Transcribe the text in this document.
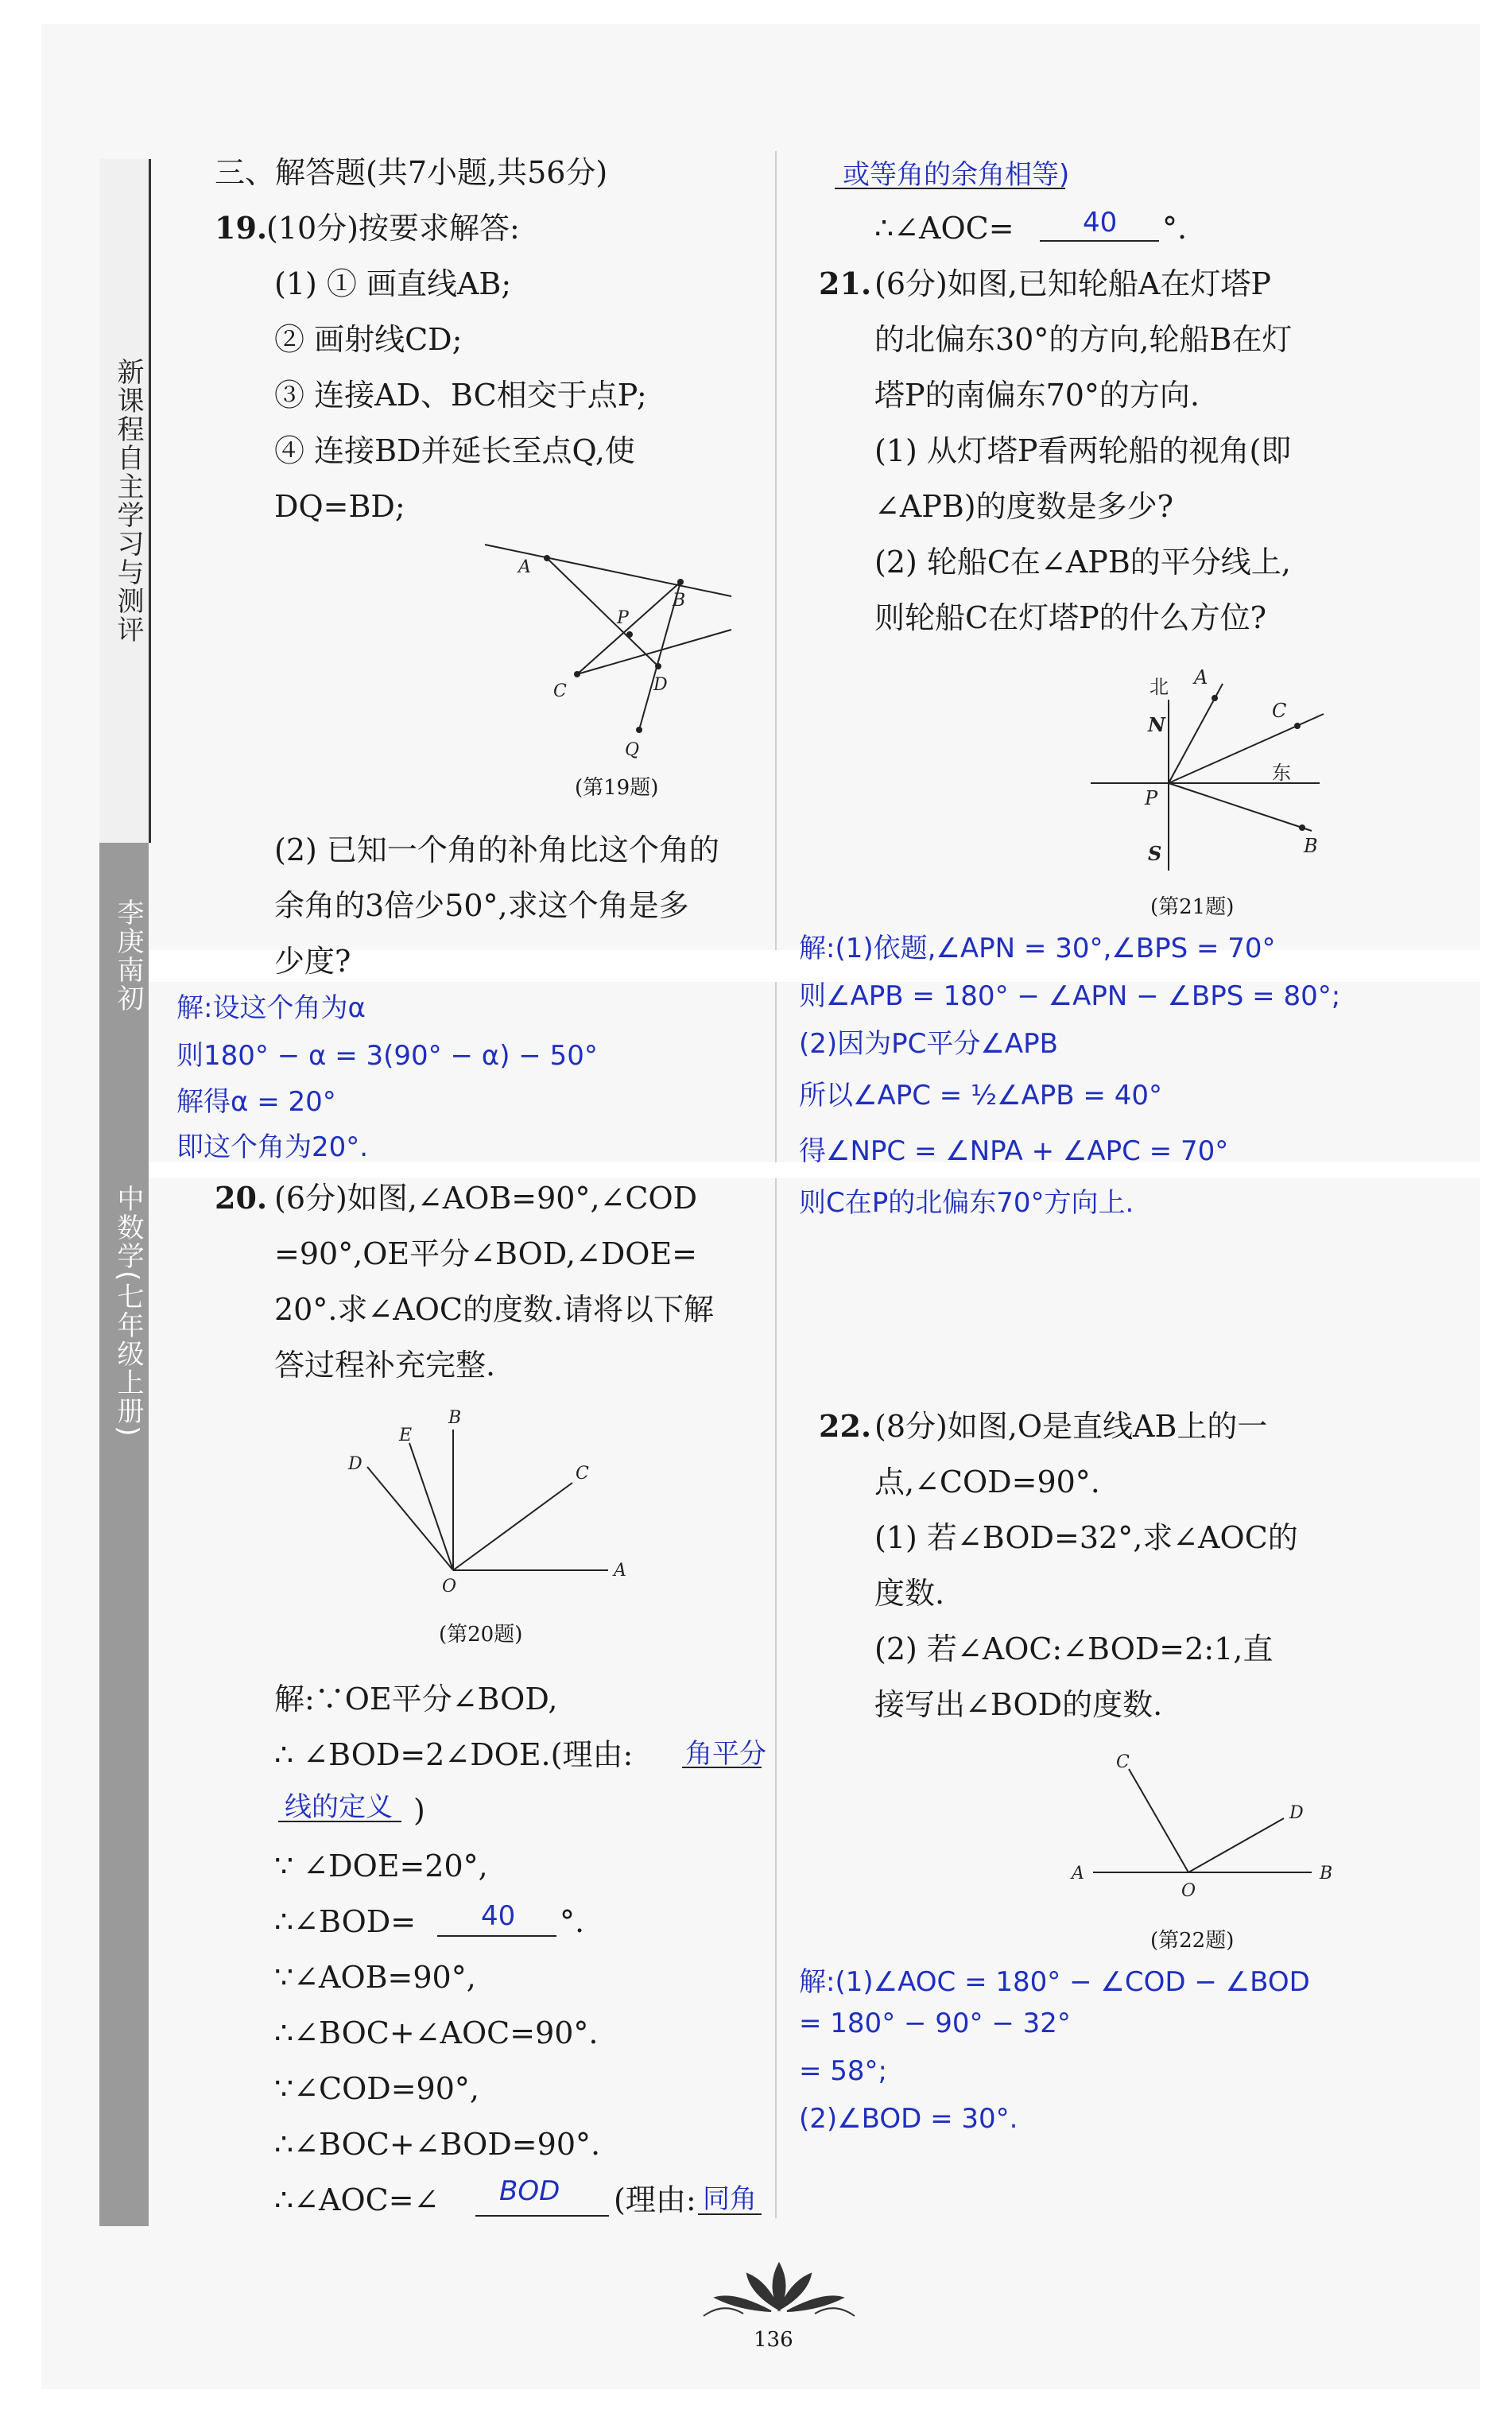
新课程自主学习与测评
李庚南初
中数学(七年级上册)
三、解答题(共7小题,共56分)
19.
(10分)按要求解答:
(1) ① 画直线AB;
② 画射线CD;
③ 连接AD、BC相交于点P;
④ 连接BD并延长至点Q,使
DQ=BD;
A
B
P
C	D
Q
(第19题)
(2) 已知一个角的补角比这个角的
余角的3倍少50°,求这个角是多
少度?
解:设这个角为α
则180° − α = 3(90° − α) − 50°
解得α = 20°
即这个角为20°.
20. (6分)如图,∠AOB=90°,∠COD
=90°,OE平分∠BOD,∠DOE=
20°.求∠AOC的度数.请将以下解
答过程补充完整.
E
B
D	C
O
A
(第20题)
解:∵OE平分∠BOD,
∴ ∠BOD=2∠DOE.(理由: 角平分
线的定义 )
∵ ∠DOE=20°,
∴∠BOD= 40 °.
∵∠AOB=90°,
∴∠BOC+∠AOC=90°.
∵∠COD=90°,
∴∠BOC+∠BOD=90°.
∴∠AOC=∠ BOD (理由: 同角
或等角的余角相等)
∴∠AOC=	40 °.
21. (6分)如图,已知轮船A在灯塔P
的北偏东30°的方向,轮船B在灯
塔P的南偏东70°的方向.
(1) 从灯塔P看两轮船的视角(即
∠APB)的度数是多少?
(2) 轮船C在∠APB的平分线上,
则轮船C在灯塔P的什么方位?
北
N
A
C
东
P
S	B
(第21题)
解:(1)依题,∠APN = 30°,∠BPS = 70°
则∠APB = 180° − ∠APN − ∠BPS = 80°;
(2)因为PC平分∠APB
所以∠APC = ½∠APB = 40°
得∠NPC = ∠NPA + ∠APC = 70°
则C在P的北偏东70°方向上.
22. (8分)如图,O是直线AB上的一
点,∠COD=90°.
(1) 若∠BOD=32°,求∠AOC的
度数.
(2) 若∠AOC:∠BOD=2:1,直
接写出∠BOD的度数.
C
D
A
O
B
(第22题)
解:(1)∠AOC = 180° − ∠COD − ∠BOD
= 180° − 90° − 32°
= 58°;
(2)∠BOD = 30°.
136
